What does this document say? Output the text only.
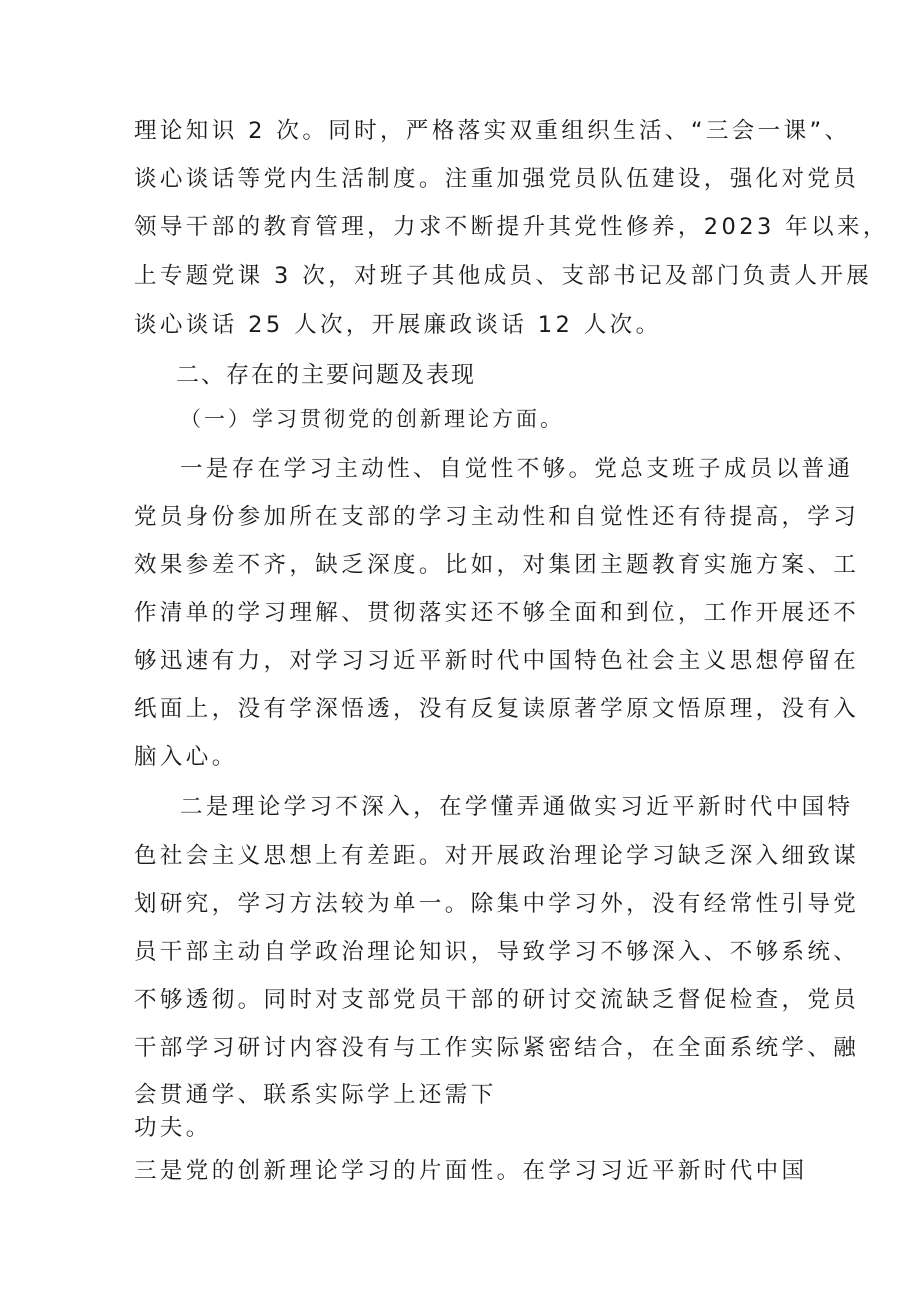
理论知识 2 次。同时，严格落实双重组织生活、“三会一课”、
谈心谈话等党内生活制度。注重加强党员队伍建设，强化对党员
领导干部的教育管理，力求不断提升其党性修养，2023 年以来，
上专题党课 3 次，对班子其他成员、支部书记及部门负责人开展
谈心谈话 25 人次，开展廉政谈话 12 人次。
二、存在的主要问题及表现
（一）学习贯彻党的创新理论方面。
一是存在学习主动性、自觉性不够。党总支班子成员以普通
党员身份参加所在支部的学习主动性和自觉性还有待提高，学习
效果参差不齐，缺乏深度。比如，对集团主题教育实施方案、工
作清单的学习理解、贯彻落实还不够全面和到位，工作开展还不
够迅速有力，对学习习近平新时代中国特色社会主义思想停留在
纸面上，没有学深悟透，没有反复读原著学原文悟原理，没有入
脑入心。
二是理论学习不深入，在学懂弄通做实习近平新时代中国特
色社会主义思想上有差距。对开展政治理论学习缺乏深入细致谋
划研究，学习方法较为单一。除集中学习外，没有经常性引导党
员干部主动自学政治理论知识，导致学习不够深入、不够系统、
不够透彻。同时对支部党员干部的研讨交流缺乏督促检查，党员
干部学习研讨内容没有与工作实际紧密结合，在全面系统学、融
会贯通学、联系实际学上还需下
功夫。
三是党的创新理论学习的片面性。在学习习近平新时代中国
